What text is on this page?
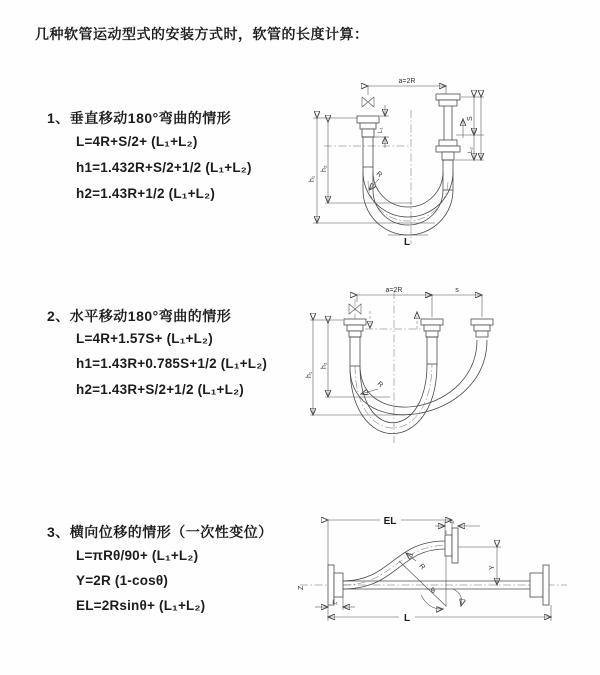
几种软管运动型式的安装方式时，软管的长度计算：
1、垂直移动180°弯曲的情形
L=4R+S/2+ (L₁+L₂)
h1=1.432R+S/2+1/2 (L₁+L₂)
h2=1.43R+1/2 (L₁+L₂)
2、水平移动180°弯曲的情形
L=4R+1.57S+ (L₁+L₂)
h1=1.43R+0.785S+1/2 (L₁+L₂)
h2=1.43R+S/2+1/2 (L₁+L₂)
3、横向位移的情形（一次性变位）
L=πRθ/90+ (L₁+L₂)
Y=2R (1-cosθ)
EL=2Rsinθ+ (L₁+L₂)
a=2R
h₁
h₂
L₁
S
L₂
R
L
a=2R	s
h₁
h₂
R
θ
EL	L₁
Y
L
L₁
Z
R
